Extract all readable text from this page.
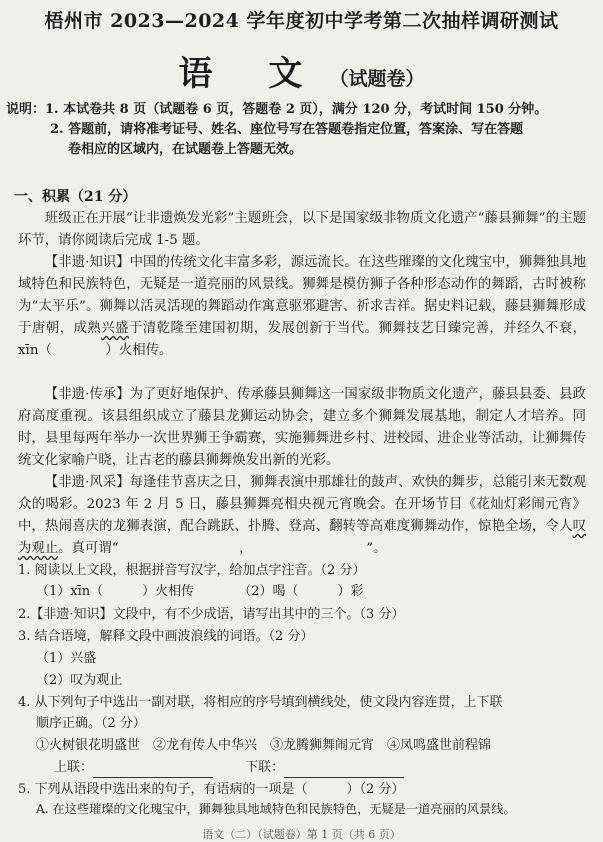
梧州市 2023—2024 学年度初中学考第二次抽样调研测试
语 文 （试题卷）
说明：1. 本试卷共 8 页（试题卷 6 页，答题卷 2 页），满分 120 分，考试时间 150 分钟。
2. 答题前，请将准考证号、姓名、座位号写在答题卷指定位置，答案涂、写在答题
卷相应的区域内，在试题卷上答题无效。
一、积累（21 分）
班级正在开展“让非遗焕发光彩”主题班会，以下是国家级非物质文化遗产“藤县狮舞”的主题环节，请你阅读后完成 1-5 题。
【非遗·知识】中国的传统文化丰富多彩，源远流长。在这些璀璨的文化瑰宝中，狮舞独具地域特色和民族特色，无疑是一道亮丽的风景线。狮舞是模仿狮子各种形态动作的舞蹈，古时被称为“太平乐”。狮舞以活灵活现的舞蹈动作寓意驱邪避害、祈求吉祥。据史料记载，藤县狮舞形成于唐朝，成熟兴盛于清乾隆至建国初期，发展创新于当代。狮舞技艺日臻完善，并经久不衰，xīn（　　　　）火相传。
【非遗·传承】为了更好地保护、传承藤县狮舞这一国家级非物质文化遗产，藤县县委、县政府高度重视。该县组织成立了藤县龙狮运动协会，建立多个狮舞发展基地，制定人才培养。同时，县里每两年举办一次世界狮王争霸赛，实施狮舞进乡村、进校园、进企业等活动，让狮舞传统文化家喻户晓，让古老的藤县狮舞焕发出新的光彩。
【非遗·风采】每逢佳节喜庆之日，狮舞表演中那雄壮的鼓声、欢快的舞步，总能引来无数观众的喝彩。2023 年 2 月 5 日，藤县狮舞亮相央视元宵晚会。在开场节目《花灿灯彩闹元宵》中，热闹喜庆的龙狮表演，配合跳跃、扑腾、登高、翻转等高难度狮舞动作，惊艳全场，令人叹为观止。真可谓“　　　　　　　　　，　　　　　　　　　”。
1. 阅读以上文段，根据拼音写汉字，给加点字注音。（2 分）
（1）xīn（　　　）火相传	（2）喝（　　　）彩
2.【非遗·知识】文段中，有不少成语，请写出其中的三个。（3 分）
3. 结合语境，解释文段中画波浪线的词语。（2 分）
（1）兴盛
（2）叹为观止
4. 从下列句子中选出一副对联，将相应的序号填到横线处，使文段内容连贯，上下联
顺序正确。（2 分）
①火树银花明盛世　②龙有传人中华兴　③龙腾狮舞闹元宵　④凤鸣盛世前程锦
上联：	下联：
5. 下列从语段中选出来的句子，有语病的一项是（　　　）（2 分）
A. 在这些璀璨的文化瑰宝中，狮舞独具地域特色和民族特色，无疑是一道亮丽的风景线。
语文（二）（试题卷）第 1 页（共 6 页）
